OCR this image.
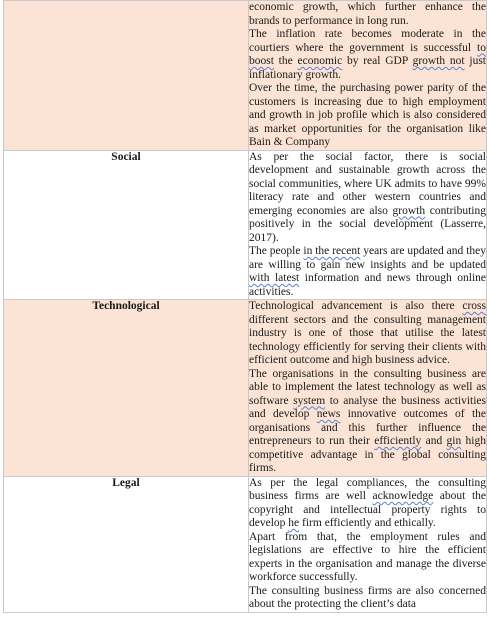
	economic growth, which further enhance the brands to performance in long run.

The inflation rate becomes moderate in the courtiers where the government is successful to boost the economic by real GDP growth not just inflationary growth.

Over the time, the purchasing power parity of the customers is increasing due to high employment and growth in job profile which is also considered as market opportunities for the organisation like Bain & Company

Social	As per the social factor, there is social development and sustainable growth across the social communities, where UK admits to have 99% literacy rate and other western countries and emerging economies are also growth contributing positively in the social development (Lasserre, 2017).

The people in the recent years are updated and they are willing to gain new insights and be updated with latest information and news through online activities.

Technological	Technological advancement is also there cross different sectors and the consulting management industry is one of those that utilise the latest technology efficiently for serving their clients with efficient outcome and high business advice.

The organisations in the consulting business are able to implement the latest technology as well as software system to analyse the business activities and develop news innovative outcomes of the organisations and this further influence the entrepreneurs to run their efficiently and gin high competitive advantage in the global consulting firms.

Legal	As per the legal compliances, the consulting business firms are well acknowledge about the copyright and intellectual property rights to develop he firm efficiently and ethically.

Apart from that, the employment rules and legislations are effective to hire the efficient experts in the organisation and manage the diverse workforce successfully.

The consulting business firms are also concerned about the protecting the client’s data
